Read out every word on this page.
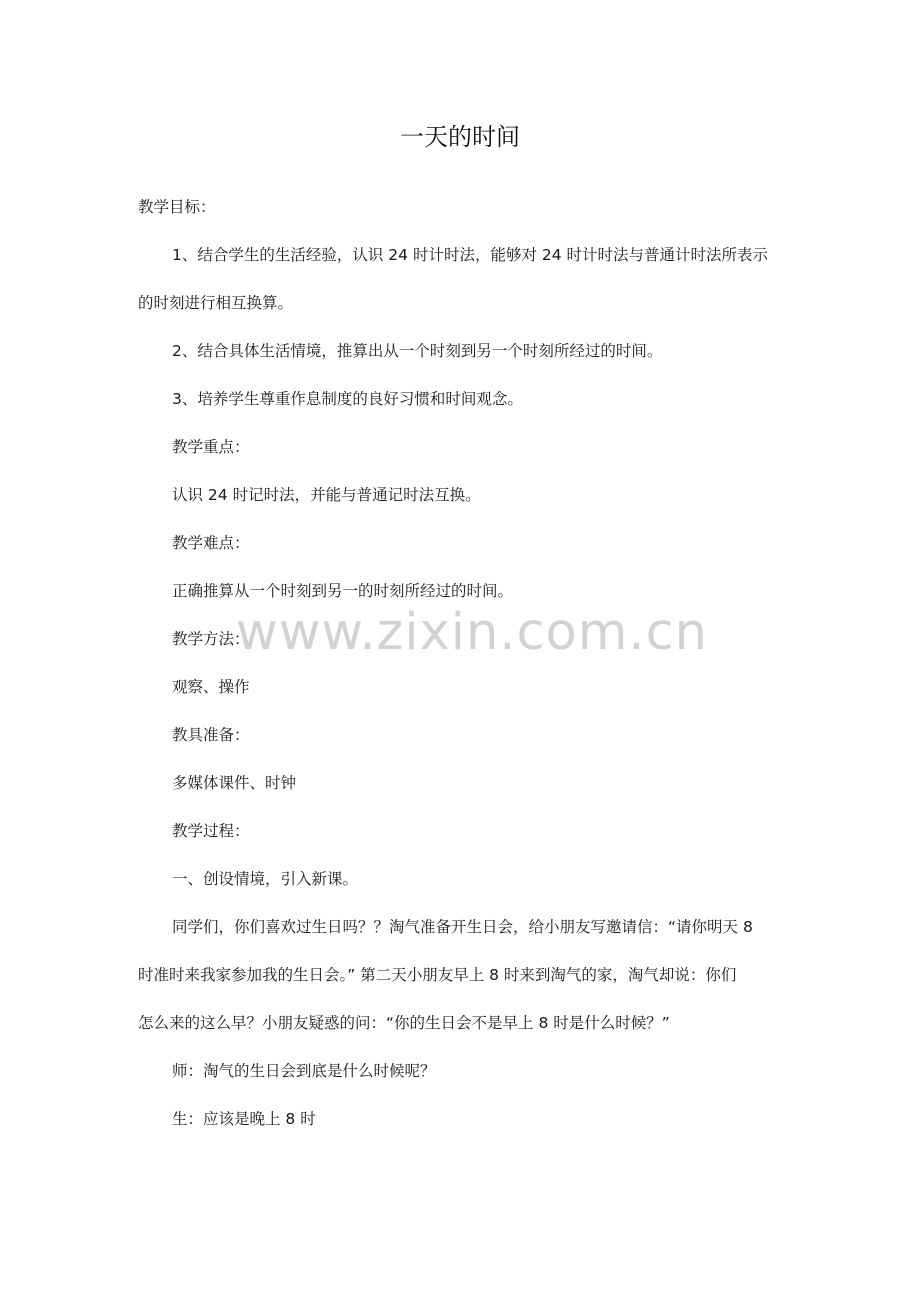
一天的时间

教学目标：

1、结合学生的生活经验，认识 24 时计时法，能够对 24 时计时法与普通计时法所表示

的时刻进行相互换算。

2、结合具体生活情境，推算出从一个时刻到另一个时刻所经过的时间。

3、培养学生尊重作息制度的良好习惯和时间观念。

教学重点：

认识 24 时记时法，并能与普通记时法互换。

教学难点：

正确推算从一个时刻到另一的时刻所经过的时间。

教学方法：

观察、操作

教具准备：

多媒体课件、时钟

教学过程：

一、创设情境，引入新课。

同学们，你们喜欢过生日吗？？淘气准备开生日会，给小朋友写邀请信：“请你明天 8

时准时来我家参加我的生日会。” 第二天小朋友早上 8 时来到淘气的家，淘气却说：你们

怎么来的这么早？小朋友疑惑的问：“你的生日会不是早上 8 时是什么时候？”

师：淘气的生日会到底是什么时候呢？

生：应该是晚上 8 时

www.zixin.com.cn
